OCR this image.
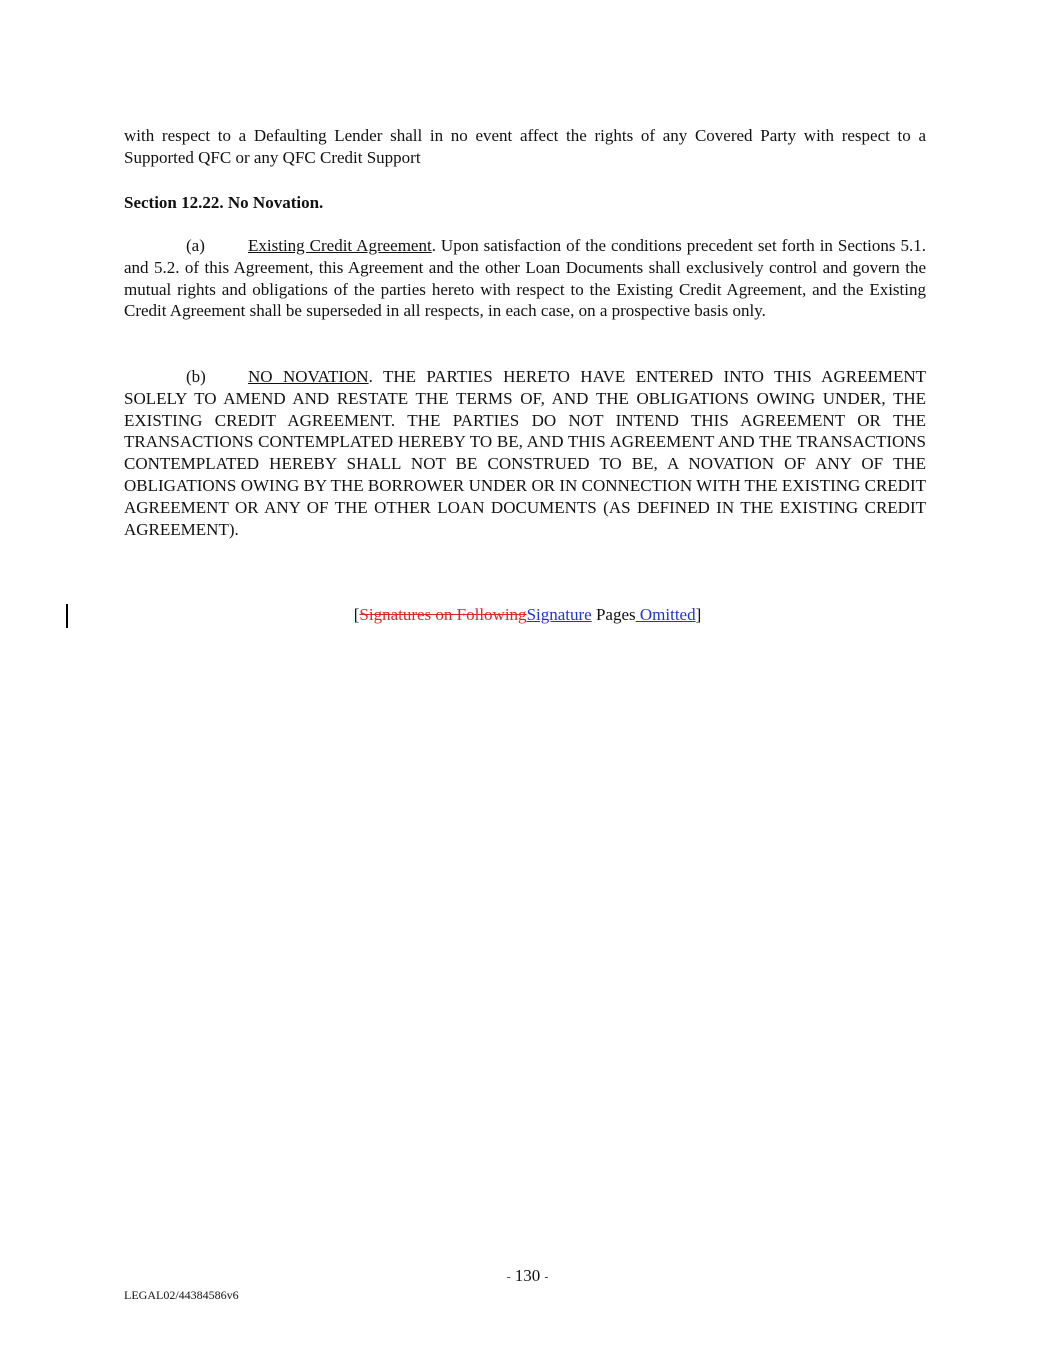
with respect to a Defaulting Lender shall in no event affect the rights of any Covered Party with respect to a Supported QFC or any QFC Credit Support
Section 12.22. No Novation.
(a)	Existing Credit Agreement. Upon satisfaction of the conditions precedent set forth in Sections 5.1. and 5.2. of this Agreement, this Agreement and the other Loan Documents shall exclusively control and govern the mutual rights and obligations of the parties hereto with respect to the Existing Credit Agreement, and the Existing Credit Agreement shall be superseded in all respects, in each case, on a prospective basis only.
(b) NO NOVATION. THE PARTIES HERETO HAVE ENTERED INTO THIS AGREEMENT SOLELY TO AMEND AND RESTATE THE TERMS OF, AND THE OBLIGATIONS OWING UNDER, THE EXISTING CREDIT AGREEMENT. THE PARTIES DO NOT INTEND THIS AGREEMENT OR THE TRANSACTIONS CONTEMPLATED HEREBY TO BE, AND THIS AGREEMENT AND THE TRANSACTIONS CONTEMPLATED HEREBY SHALL NOT BE CONSTRUED TO BE, A NOVATION OF ANY OF THE OBLIGATIONS OWING BY THE BORROWER UNDER OR IN CONNECTION WITH THE EXISTING CREDIT AGREEMENT OR ANY OF THE OTHER LOAN DOCUMENTS (AS DEFINED IN THE EXISTING CREDIT AGREEMENT).
[Signatures on FollowingSignature Pages Omitted]
- 130 -
LEGAL02/44384586v6
